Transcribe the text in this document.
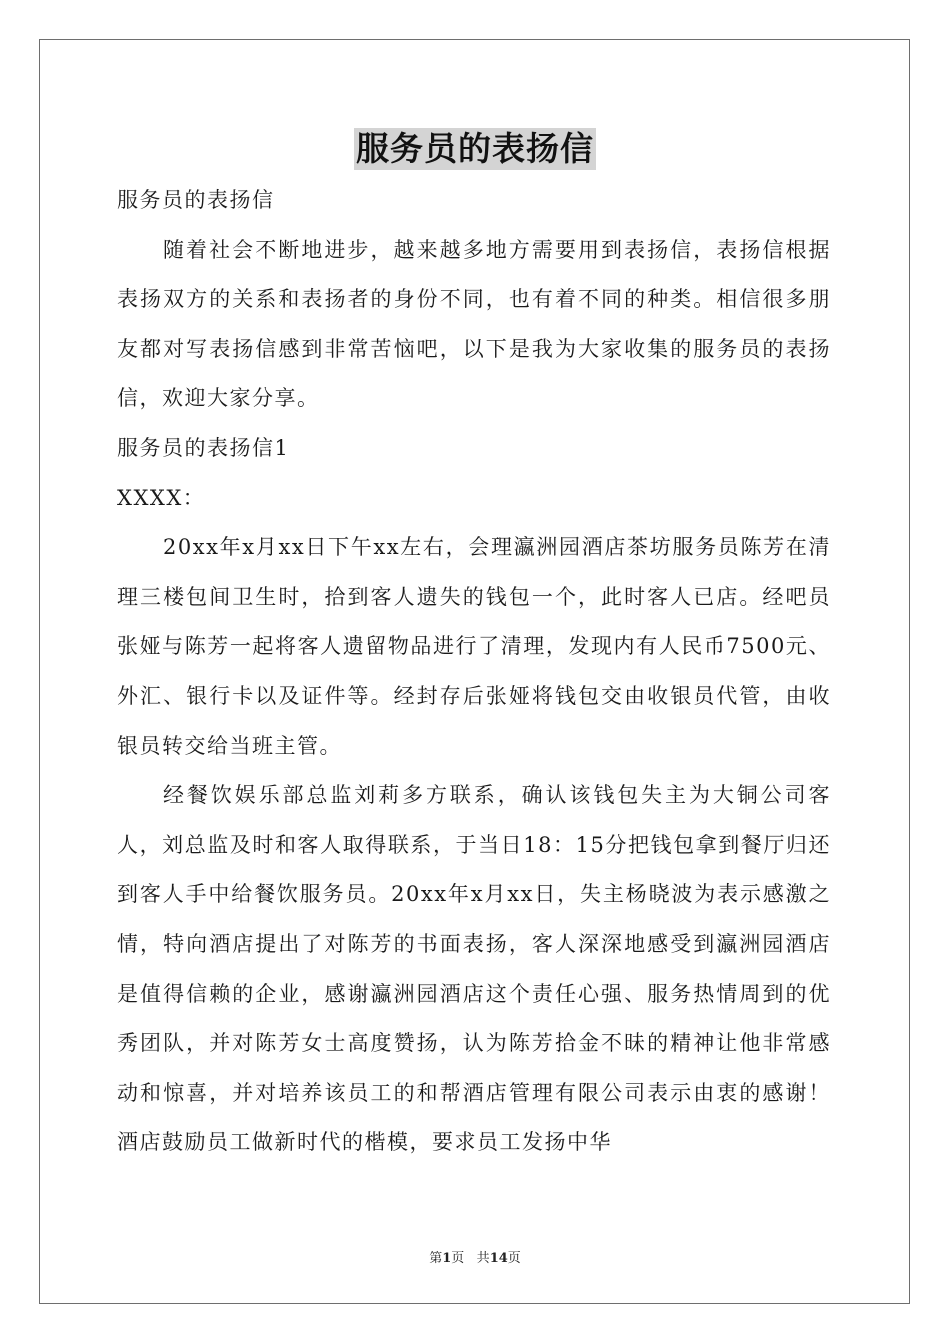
服务员的表扬信

服务员的表扬信

随着社会不断地进步，越来越多地方需要用到表扬信，表扬信根据表扬双方的关系和表扬者的身份不同，也有着不同的种类。相信很多朋友都对写表扬信感到非常苦恼吧，以下是我为大家收集的服务员的表扬信，欢迎大家分享。

服务员的表扬信1

XXXX：

20xx年x月xx日下午xx左右，会理瀛洲园酒店茶坊服务员陈芳在清理三楼包间卫生时，拾到客人遗失的钱包一个，此时客人已店。经吧员张娅与陈芳一起将客人遗留物品进行了清理，发现内有人民币7500元、外汇、银行卡以及证件等。经封存后张娅将钱包交由收银员代管，由收银员转交给当班主管。

经餐饮娱乐部总监刘莉多方联系，确认该钱包失主为大铜公司客人，刘总监及时和客人取得联系，于当日18：15分把钱包拿到餐厅归还到客人手中给餐饮服务员。20xx年x月xx日，失主杨晓波为表示感激之情，特向酒店提出了对陈芳的书面表扬，客人深深地感受到瀛洲园酒店是值得信赖的企业，感谢瀛洲园酒店这个责任心强、服务热情周到的优秀团队，并对陈芳女士高度赞扬，认为陈芳拾金不昧的精神让他非常感动和惊喜，并对培养该员工的和帮酒店管理有限公司表示由衷的感谢！酒店鼓励员工做新时代的楷模，要求员工发扬中华

第1页 共14页
